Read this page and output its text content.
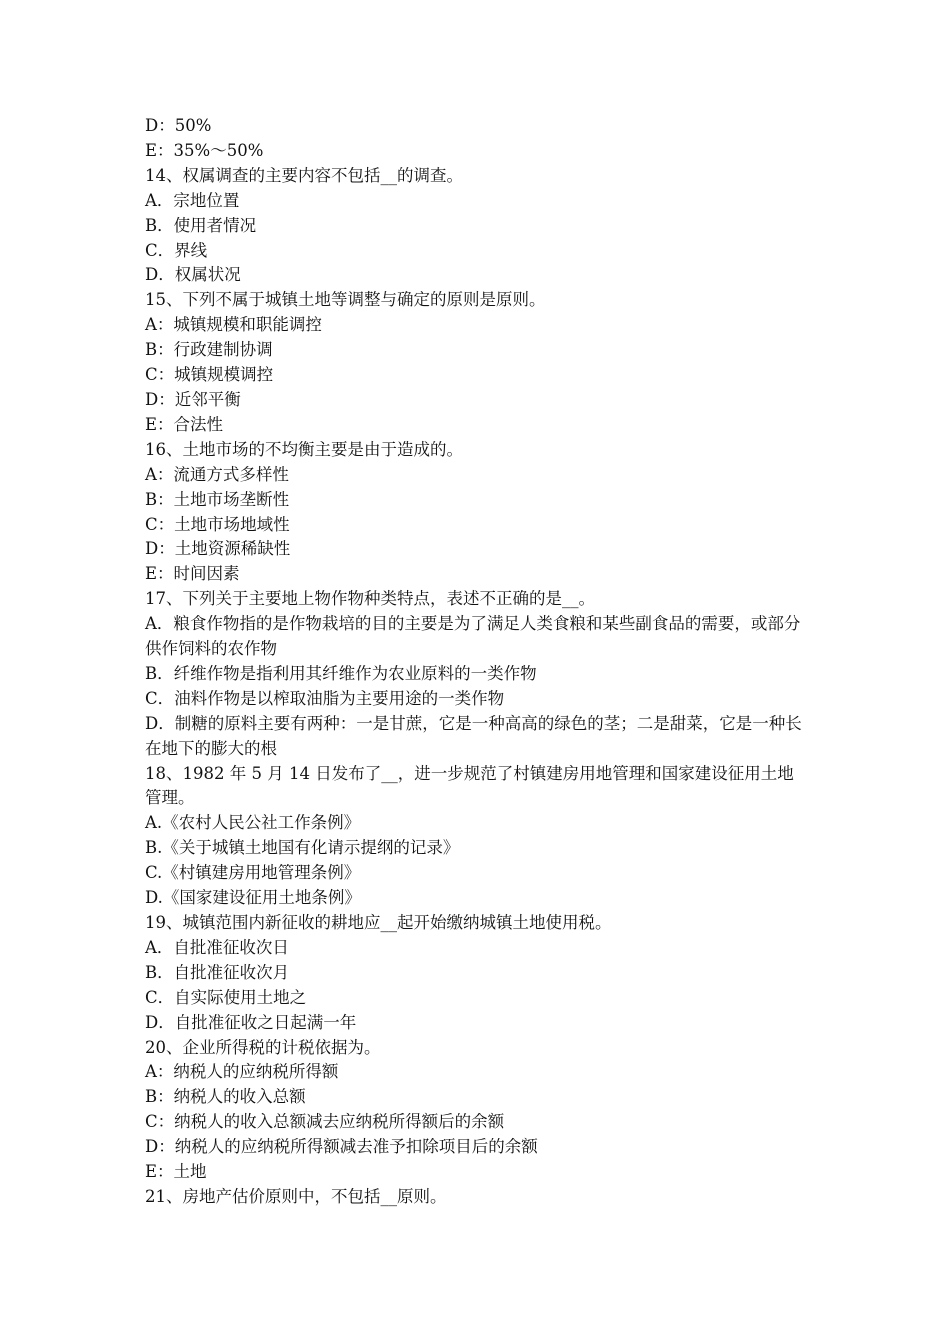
D：50%

E：35%～50%

14、权属调查的主要内容不包括__的调查。

A．宗地位置

B．使用者情况

C．界线

D．权属状况

15、下列不属于城镇土地等调整与确定的原则是原则。

A：城镇规模和职能调控

B：行政建制协调

C：城镇规模调控

D：近邻平衡

E：合法性

16、土地市场的不均衡主要是由于造成的。

A：流通方式多样性

B：土地市场垄断性

C：土地市场地域性

D：土地资源稀缺性

E：时间因素

17、下列关于主要地上物作物种类特点，表述不正确的是__。

A．粮食作物指的是作物栽培的目的主要是为了满足人类食粮和某些副食品的需要，或部分供作饲料的农作物

B．纤维作物是指利用其纤维作为农业原料的一类作物

C．油料作物是以榨取油脂为主要用途的一类作物

D．制糖的原料主要有两种：一是甘蔗，它是一种高高的绿色的茎；二是甜菜，它是一种长在地下的膨大的根

18、1982 年 5 月 14 日发布了__，进一步规范了村镇建房用地管理和国家建设征用土地管理。

A.《农村人民公社工作条例》

B.《关于城镇土地国有化请示提纲的记录》

C.《村镇建房用地管理条例》

D.《国家建设征用土地条例》

19、城镇范围内新征收的耕地应__起开始缴纳城镇土地使用税。

A．自批准征收次日

B．自批准征收次月

C．自实际使用土地之

D．自批准征收之日起满一年

20、企业所得税的计税依据为。

A：纳税人的应纳税所得额

B：纳税人的收入总额

C：纳税人的收入总额减去应纳税所得额后的余额

D：纳税人的应纳税所得额减去准予扣除项目后的余额

E：土地

21、房地产估价原则中，不包括__原则。
